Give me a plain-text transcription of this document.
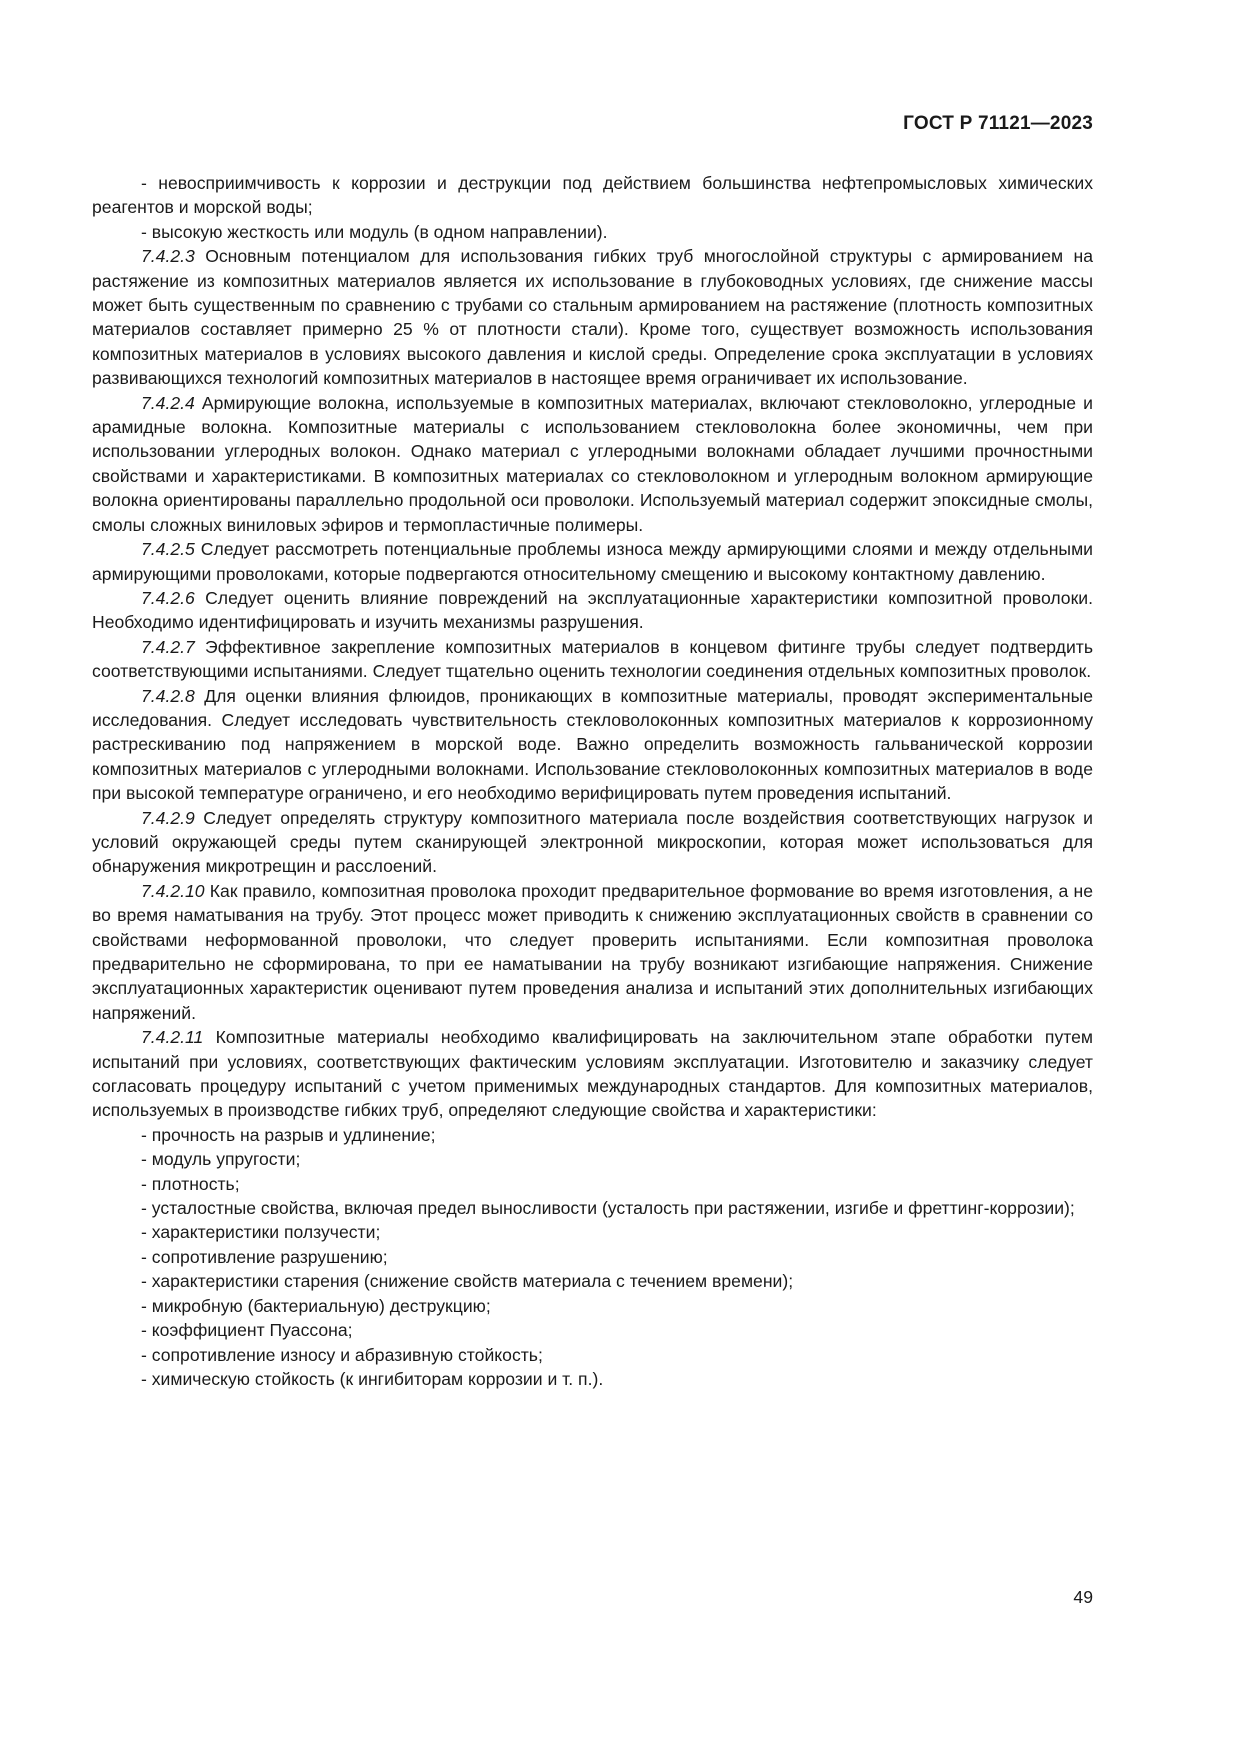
ГОСТ Р 71121—2023

- невосприимчивость к коррозии и деструкции под действием большинства нефтепромысловых химических реагентов и морской воды;

- высокую жесткость или модуль (в одном направлении).

7.4.2.3 Основным потенциалом для использования гибких труб многослойной структуры с армированием на растяжение из композитных материалов является их использование в глубоководных условиях, где снижение массы может быть существенным по сравнению с трубами со стальным армированием на растяжение (плотность композитных материалов составляет примерно 25 % от плотности стали). Кроме того, существует возможность использования композитных материалов в условиях высокого давления и кислой среды. Определение срока эксплуатации в условиях развивающихся технологий композитных материалов в настоящее время ограничивает их использование.

7.4.2.4 Армирующие волокна, используемые в композитных материалах, включают стекловолокно, углеродные и арамидные волокна. Композитные материалы с использованием стекловолокна более экономичны, чем при использовании углеродных волокон. Однако материал с углеродными волокнами обладает лучшими прочностными свойствами и характеристиками. В композитных материалах со стекловолокном и углеродным волокном армирующие волокна ориентированы параллельно продольной оси проволоки. Используемый материал содержит эпоксидные смолы, смолы сложных виниловых эфиров и термопластичные полимеры.

7.4.2.5 Следует рассмотреть потенциальные проблемы износа между армирующими слоями и между отдельными армирующими проволоками, которые подвергаются относительному смещению и высокому контактному давлению.

7.4.2.6 Следует оценить влияние повреждений на эксплуатационные характеристики композитной проволоки. Необходимо идентифицировать и изучить механизмы разрушения.

7.4.2.7 Эффективное закрепление композитных материалов в концевом фитинге трубы следует подтвердить соответствующими испытаниями. Следует тщательно оценить технологии соединения отдельных композитных проволок.

7.4.2.8 Для оценки влияния флюидов, проникающих в композитные материалы, проводят экспериментальные исследования. Следует исследовать чувствительность стекловолоконных композитных материалов к коррозионному растрескиванию под напряжением в морской воде. Важно определить возможность гальванической коррозии композитных материалов с углеродными волокнами. Использование стекловолоконных композитных материалов в воде при высокой температуре ограничено, и его необходимо верифицировать путем проведения испытаний.

7.4.2.9 Следует определять структуру композитного материала после воздействия соответствующих нагрузок и условий окружающей среды путем сканирующей электронной микроскопии, которая может использоваться для обнаружения микротрещин и расслоений.

7.4.2.10 Как правило, композитная проволока проходит предварительное формование во время изготовления, а не во время наматывания на трубу. Этот процесс может приводить к снижению эксплуатационных свойств в сравнении со свойствами неформованной проволоки, что следует проверить испытаниями. Если композитная проволока предварительно не сформирована, то при ее наматывании на трубу возникают изгибающие напряжения. Снижение эксплуатационных характеристик оценивают путем проведения анализа и испытаний этих дополнительных изгибающих напряжений.

7.4.2.11 Композитные материалы необходимо квалифицировать на заключительном этапе обработки путем испытаний при условиях, соответствующих фактическим условиям эксплуатации. Изготовителю и заказчику следует согласовать процедуру испытаний с учетом применимых международных стандартов. Для композитных материалов, используемых в производстве гибких труб, определяют следующие свойства и характеристики:

- прочность на разрыв и удлинение;

- модуль упругости;

- плотность;

- усталостные свойства, включая предел выносливости (усталость при растяжении, изгибе и фреттинг-коррозии);

- характеристики ползучести;

- сопротивление разрушению;

- характеристики старения (снижение свойств материала с течением времени);

- микробную (бактериальную) деструкцию;

- коэффициент Пуассона;

- сопротивление износу и абразивную стойкость;

- химическую стойкость (к ингибиторам коррозии и т. п.).

49
